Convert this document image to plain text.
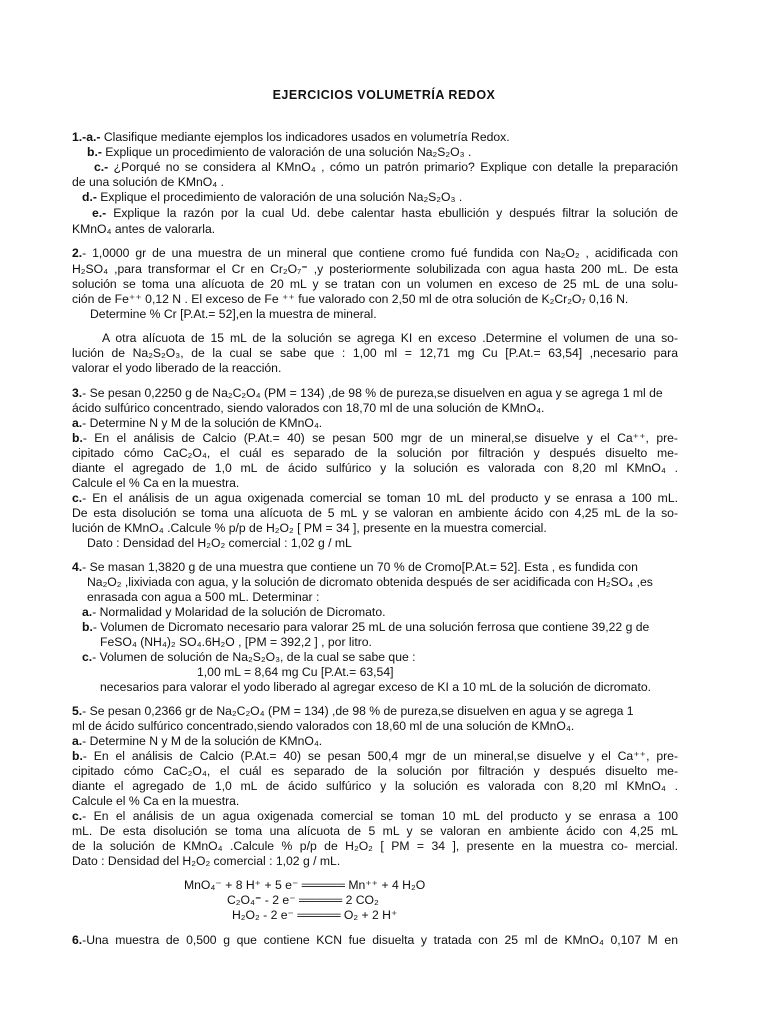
EJERCICIOS VOLUMETRÍA REDOX
1.-a.- Clasifique mediante ejemplos los indicadores usados en volumetría Redox.
b.- Explique un procedimiento de valoración de una solución Na₂S₂O₃ .
c.- ¿Porqué no se considera al KMnO₄ , cómo un patrón primario? Explique con detalle la preparación
de una solución de KMnO₄ .
d.- Explique el procedimiento de valoración de una solución Na₂S₂O₃ .
e.- Explique la razón por la cual Ud. debe calentar hasta ebullición y después filtrar la solución de
KMnO₄ antes de valorarla.
2.- 1,0000 gr de una muestra de un mineral que contiene cromo fué fundida con Na₂O₂ , acidificada con
H₂SO₄ ,para transformar el Cr en Cr₂O₇⁼ ,y posteriormente solubilizada con agua hasta 200 mL. De esta
solución se toma una alícuota de 20 mL y se tratan con un volumen en exceso de 25 mL de una solu-
ción de Fe⁺⁺ 0,12 N . El exceso de Fe ⁺⁺ fue valorado con 2,50 ml de otra solución de K₂Cr₂O₇ 0,16 N.
Determine % Cr [P.At.= 52],en la muestra de mineral.
A otra alícuota de 15 mL de la solución se agrega KI en exceso .Determine el volumen de una so-
lución de Na₂S₂O₃, de la cual se sabe que : 1,00 ml = 12,71 mg Cu [P.At.= 63,54] ,necesario para
valorar el yodo liberado de la reacción.
3.- Se pesan 0,2250 g de Na₂C₂O₄ (PM = 134) ,de 98 % de pureza,se disuelven en agua y se agrega 1 ml de
ácido sulfúrico concentrado, siendo valorados con 18,70 ml de una solución de KMnO₄.
a.- Determine N y M de la solución de KMnO₄.
b.- En el análisis de Calcio (P.At.= 40) se pesan 500 mgr de un mineral,se disuelve y el Ca⁺⁺, pre-
cipitado cómo CaC₂O₄, el cuál es separado de la solución por filtración y después disuelto me-
diante el agregado de 1,0 mL de ácido sulfúrico y la solución es valorada con 8,20 ml KMnO₄ .
Calcule el % Ca en la muestra.
c.- En el análisis de un agua oxigenada comercial se toman 10 mL del producto y se enrasa a 100 mL.
De esta disolución se toma una alícuota de 5 mL y se valoran en ambiente ácido con 4,25 mL de la so-
lución de KMnO₄ .Calcule % p/p de H₂O₂ [ PM = 34 ], presente en la muestra comercial.
Dato : Densidad del H₂O₂ comercial : 1,02 g / mL
4.- Se masan 1,3820 g de una muestra que contiene un 70 % de Cromo[P.At.= 52]. Esta , es fundida con
Na₂O₂ ,lixiviada con agua, y la solución de dicromato obtenida después de ser acidificada con H₂SO₄ ,es
enrasada con agua a 500 mL. Determinar :
a.- Normalidad y Molaridad de la solución de Dicromato.
b.- Volumen de Dicromato necesario para valorar 25 mL de una solución ferrosa que contiene 39,22 g de
FeSO₄ (NH₄)₂ SO₄.6H₂O , [PM = 392,2 ] , por litro.
c.- Volumen de solución de Na₂S₂O₃, de la cual se sabe que :
1,00 mL = 8,64 mg Cu [P.At.= 63,54]
necesarios para valorar el yodo liberado al agregar exceso de KI a 10 mL de la solución de dicromato.
5.- Se pesan 0,2366 gr de Na₂C₂O₄ (PM = 134) ,de 98 % de pureza,se disuelven en agua y se agrega 1
ml de ácido sulfúrico concentrado,siendo valorados con 18,60 ml de una solución de KMnO₄.
a.- Determine N y M de la solución de KMnO₄.
b.- En el análisis de Calcio (P.At.= 40) se pesan 500,4 mgr de un mineral,se disuelve y el Ca⁺⁺, pre-
cipitado cómo CaC₂O₄, el cuál es separado de la solución por filtración y después disuelto me-
diante el agregado de 1,0 mL de ácido sulfúrico y la solución es valorada con 8,20 ml KMnO₄ .
Calcule el % Ca en la muestra.
c.- En el análisis de un agua oxigenada comercial se toman 10 mL del producto y se enrasa a 100
mL. De esta disolución se toma una alícuota de 5 mL y se valoran en ambiente ácido con 4,25 mL
de la solución de KMnO₄ .Calcule % p/p de H₂O₂ [ PM = 34 ], presente en la muestra co- mercial.
Dato : Densidad del H₂O₂ comercial : 1,02 g / mL.
MnO₄⁻ + 8 H⁺ + 5 e⁻ ═════ Mn⁺⁺ + 4 H₂O
C₂O₄⁼ - 2 e⁻ ═════ 2 CO₂
H₂O₂ - 2 e⁻ ═════ O₂ + 2 H⁺
6.-Una muestra de 0,500 g que contiene KCN fue disuelta y tratada con 25 ml de KMnO₄ 0,107 M en
